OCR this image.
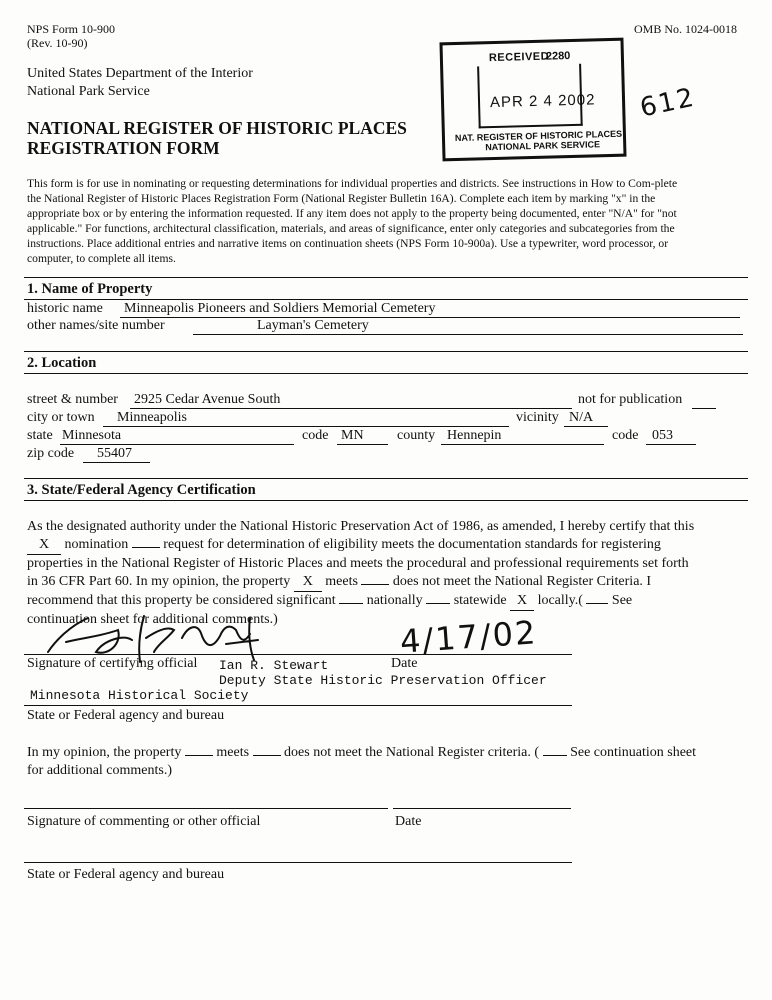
NPS Form 10-900
(Rev. 10-90)
OMB No. 1024-0018
United States Department of the Interior
National Park Service
NATIONAL REGISTER OF HISTORIC PLACES
REGISTRATION FORM
RECEIVED
2280
APR 2 4 2002
NAT. REGISTER OF HISTORIC PLACES
NATIONAL PARK SERVICE
612
This form is for use in nominating or requesting determinations for individual properties and districts. See instructions in How to Com-plete
the National Register of Historic Places Registration Form (National Register Bulletin 16A). Complete each item by marking "x" in the
appropriate box or by entering the information requested. If any item does not apply to the property being documented, enter "N/A" for "not
applicable." For functions, architectural classification, materials, and areas of significance, enter only categories and subcategories from the
instructions. Place additional entries and narrative items on continuation sheets (NPS Form 10-900a). Use a typewriter, word processor, or
computer, to complete all items.
1. Name of Property
historic name Minneapolis Pioneers and Soldiers Memorial Cemetery
other names/site number	Layman's Cemetery
2. Location
street & number 2925 Cedar Avenue South	not for publication
city or town Minneapolis	vicinity N/A
state Minnesota	code MN county Hennepin	code 053
zip code 55407
3. State/Federal Agency Certification
As the designated authority under the National Historic Preservation Act of 1986, as amended, I hereby certify that this
X nomination	request for determination of eligibility meets the documentation standards for registering
properties in the National Register of Historic Places and meets the procedural and professional requirements set forth
in 36 CFR Part 60. In my opinion, the property X meets	does not meet the National Register Criteria. I
recommend that this property be considered significant nationally statewide X locally.( See
continuation sheet for additional comments.)
Signature of certifying official Ian R. Stewart	Date
4/17/02
Deputy State Historic Preservation Officer
Minnesota Historical Society
State or Federal agency and bureau
In my opinion, the property	meets	does not meet the National Register criteria. ( See continuation sheet
for additional comments.)
Signature of commenting or other official	Date
State or Federal agency and bureau
